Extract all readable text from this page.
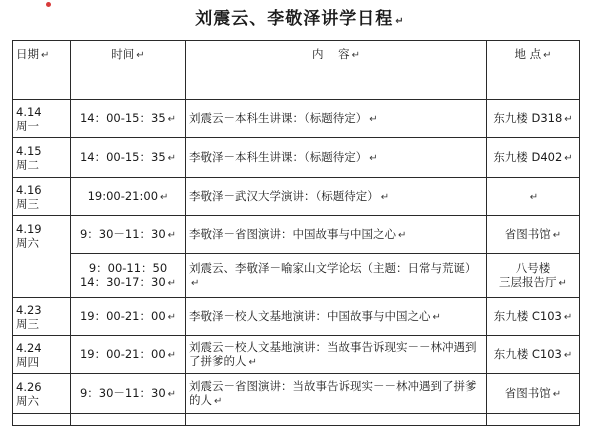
刘震云、李敬泽讲学日程 ↵
日期 ↵	时间 ↵	内    容 ↵	地 点 ↵
4.14
周一	14：00-15：35 ↵	刘震云－本科生讲课：（标题待定） ↵	东九楼 D318 ↵
4.15
周二	14：00-15：35 ↵	李敬泽－本科生讲课：（标题待定） ↵	东九楼 D402 ↵
4.16
周三	19:00-21:00 ↵	李敬泽－武汉大学演讲：（标题待定） ↵	↵
4.19
周六	9：30－11：30 ↵	李敬泽－省图演讲：中国故事与中国之心 ↵	省图书馆 ↵
	9：00-11：50
14：30-17：30 ↵	刘震云、李敬泽－喻家山文学论坛（主题：日常与荒诞）↵	八号楼
三层报告厅 ↵
4.23
周三	19：00-21：00 ↵	李敬泽－校人文基地演讲：中国故事与中国之心 ↵	东九楼 C103 ↵
4.24
周四	19：00-21：00 ↵	刘震云－校人文基地演讲：当故事告诉现实－－林冲遇到了拼爹的人 ↵	东九楼 C103 ↵
4.26
周六	9：30－11：30 ↵	刘震云－省图演讲：当故事告诉现实－－林冲遇到了拼爹的人 ↵	省图书馆 ↵
